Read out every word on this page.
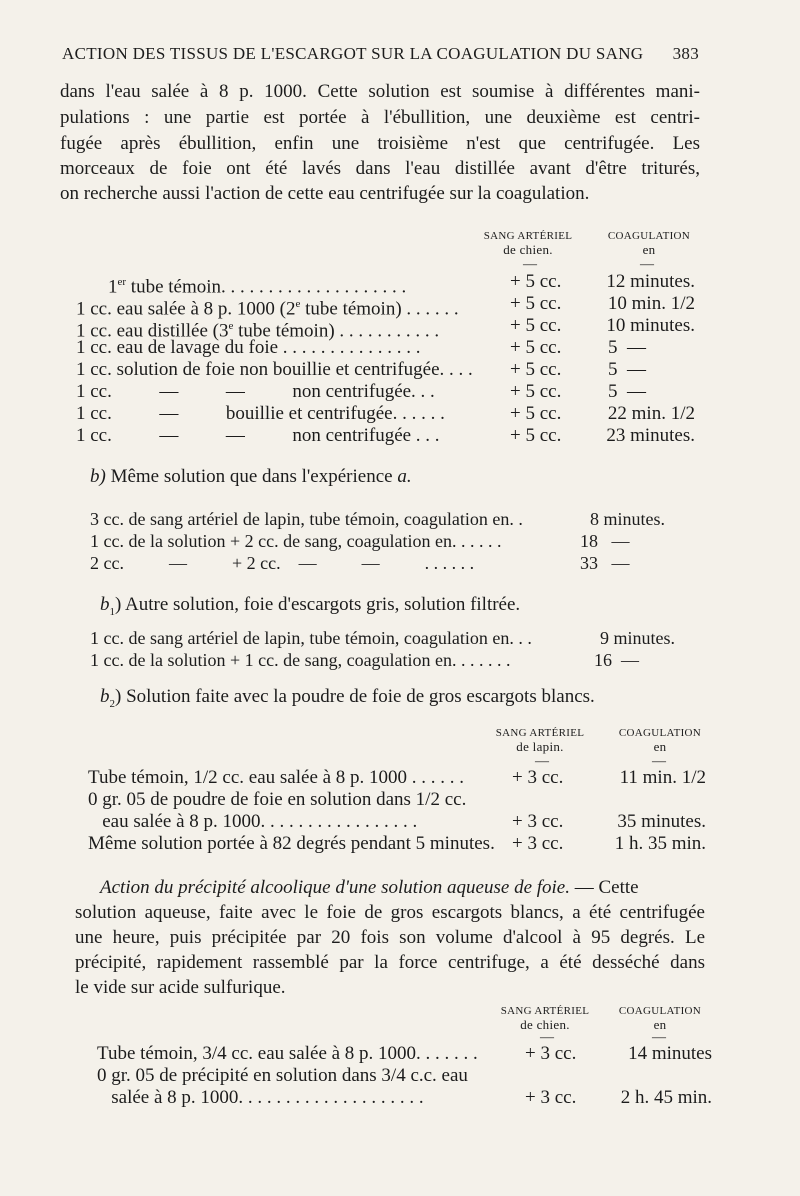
ACTION DES TISSUS DE L'ESCARGOT SUR LA COAGULATION DU SANG	383
dans l'eau salée à 8 p. 1000. Cette solution est soumise à différentes mani-
pulations : une partie est portée à l'ébullition, une deuxième est centri-
fugée après ébullition, enfin une troisième n'est que centrifugée. Les
morceaux de foie ont été lavés dans l'eau distillée avant d'être triturés,
on recherche aussi l'action de cette eau centrifugée sur la coagulation.
SANG ARTÉRIEL
de chien.
COAGULATION
en
—	—
1er tube témoin. . . . . . . . . . . . . . . . . . . .	+ 5 cc.	12 minutes.
1 cc. eau salée à 8 p. 1000 (2e tube témoin) . . . . . .	+ 5 cc.	10 min. 1/2
1 cc. eau distillée (3e tube témoin) . . . . . . . . . . .	+ 5 cc.	10 minutes.
1 cc. eau de lavage du foie . . . . . . . . . . . . . . .	+ 5 cc. 5  —
1 cc. solution de foie non bouillie et centrifugée. . . . + 5 cc. 5  —
1 cc.          —          —          non centrifugée. . .	+ 5 cc. 5  —
1 cc.          —          bouillie et centrifugée. . . . . .	+ 5 cc.	22 min. 1/2
1 cc.          —          —          non centrifugée . . .	+ 5 cc.	23 minutes.
b) Même solution que dans l'expérience a.
3 cc. de sang artériel de lapin, tube témoin, coagulation en. .	8 minutes.
1 cc. de la solution + 2 cc. de sang, coagulation en. . . . . .	18   —
2 cc.          —          + 2 cc.    —          —          . . . . . .	33   —
$b_1$) Autre solution, foie d'escargots gris, solution filtrée.
1 cc. de sang artériel de lapin, tube témoin, coagulation en. . .	9 minutes.
1 cc. de la solution + 1 cc. de sang, coagulation en. . . . . . .	16  —
$b_2$) Solution faite avec la poudre de foie de gros escargots blancs.
SANG ARTÉRIEL
de lapin.
COAGULATION
en
—	—
Tube témoin, 1/2 cc. eau salée à 8 p. 1000 . . . . . .	+ 3 cc.	11 min. 1/2
0 gr. 05 de poudre de foie en solution dans 1/2 cc.
eau salée à 8 p. 1000. . . . . . . . . . . . . . . . .	+ 3 cc.	35 minutes.
Même solution portée à 82 degrés pendant 5 minutes. + 3 cc.	1 h. 35 min.
Action du précipité alcoolique d'une solution aqueuse de foie. — Cette
solution aqueuse, faite avec le foie de gros escargots blancs, a été centrifugée
une heure, puis précipitée par 20 fois son volume d'alcool à 95 degrés. Le
précipité, rapidement rassemblé par la force centrifuge, a été desséché dans
le vide sur acide sulfurique.
SANG ARTÉRIEL
de chien.
COAGULATION
en
—	—
Tube témoin, 3/4 cc. eau salée à 8 p. 1000. . . . . . . + 3 cc.	14 minutes
0 gr. 05 de précipité en solution dans 3/4 c.c. eau
salée à 8 p. 1000. . . . . . . . . . . . . . . . . . . .	+ 3 cc.	2 h. 45 min.
